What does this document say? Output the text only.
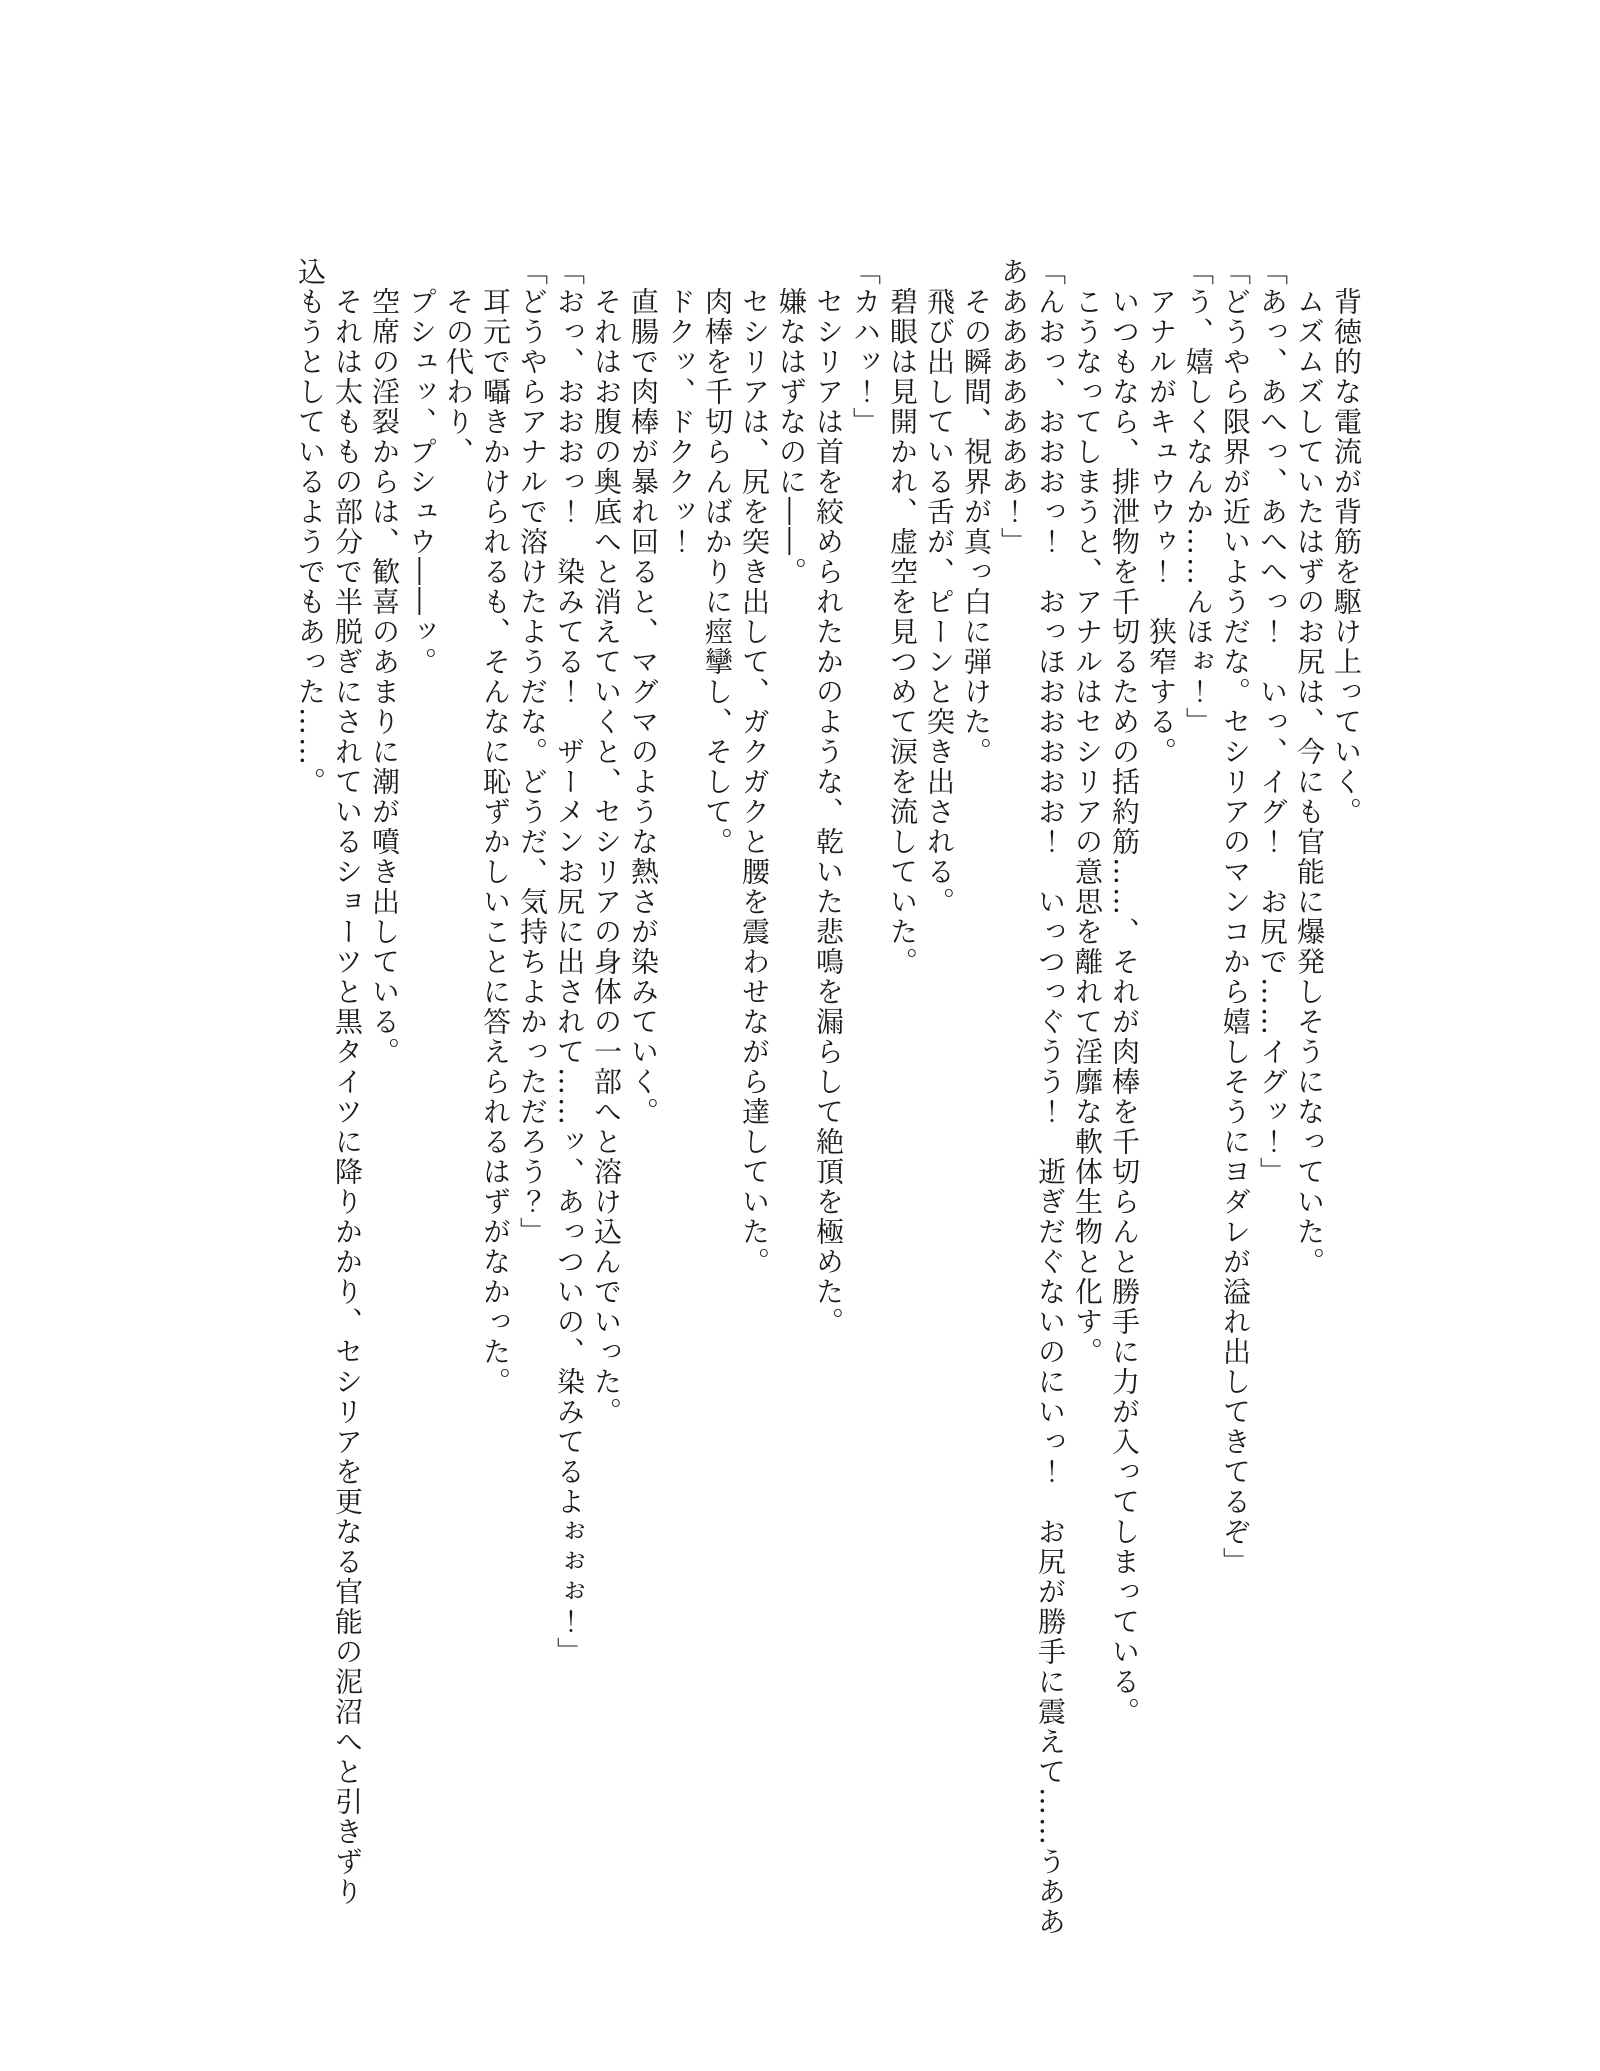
背徳的な電流が背筋を駆け上っていく。

ムズムズしていたはずのお尻は、今にも官能に爆発しそうになっていた。

「あっ、あへっ、あへへっ！　いっ、イグ！　お尻で……イグッ！」

「どうやら限界が近いようだな。セシリアのマンコから嬉しそうにヨダレが溢れ出してきてるぞ」

「う、嬉しくなんか……んほぉ！」

アナルがキュウウゥ！　狭窄する。

いつもなら、排泄物を千切るための括約筋……、それが肉棒を千切らんと勝手に力が入ってしまっている。

こうなってしまうと、アナルはセシリアの意思を離れて淫靡な軟体生物と化す。

「んおっ、おおおっ！　おっほおおおおお！　いっつっぐうう！　逝ぎだぐないのにいっ！　お尻が勝手に震えて……うああ

ああああああああ！」

その瞬間、視界が真っ白に弾けた。

飛び出している舌が、ピーンと突き出される。

碧眼は見開かれ、虚空を見つめて涙を流していた。

「カハッ！」

セシリアは首を絞められたかのような、乾いた悲鳴を漏らして絶頂を極めた。

嫌なはずなのに――。

セシリアは、尻を突き出して、ガクガクと腰を震わせながら達していた。

肉棒を千切らんばかりに痙攣し、そして。

ドクッ、ドククッ！

直腸で肉棒が暴れ回ると、マグマのような熱さが染みていく。

それはお腹の奥底へと消えていくと、セシリアの身体の一部へと溶け込んでいった。

「おっ、おおおっ！　染みてる！　ザーメンお尻に出されて……ッ、あっついの、染みてるよぉぉぉ！」

「どうやらアナルで溶けたようだな。どうだ、気持ちよかっただろう？」

耳元で囁きかけられるも、そんなに恥ずかしいことに答えられるはずがなかった。

その代わり、

プシュッ、プシュウ――ッ。

空席の淫裂からは、歓喜のあまりに潮が噴き出している。

それは太ももの部分で半脱ぎにされているショーツと黒タイツに降りかかり、セシリアを更なる官能の泥沼へと引きずり

込もうとしているようでもあった……。
